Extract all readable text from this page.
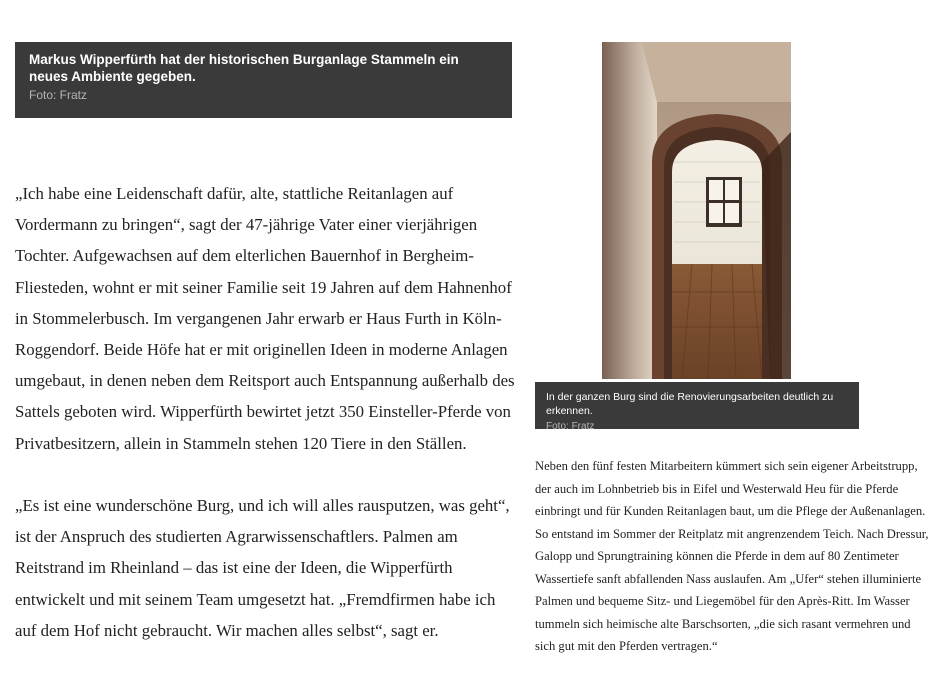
Markus Wipperfürth hat der historischen Burganlage Stammeln ein neues Ambiente gegeben.
Foto: Fratz

„Ich habe eine Leidenschaft dafür, alte, stattliche Reitanlagen auf Vordermann zu bringen“, sagt der 47-jährige Vater einer vierjährigen Tochter. Aufgewachsen auf dem elterlichen Bauernhof in Bergheim-Fliesteden, wohnt er mit seiner Familie seit 19 Jahren auf dem Hahnenhof in Stommelerbusch. Im vergangenen Jahr erwarb er Haus Furth in Köln-Roggendorf. Beide Höfe hat er mit originellen Ideen in moderne Anlagen umgebaut, in denen neben dem Reitsport auch Entspannung außerhalb des Sattels geboten wird. Wipperfürth bewirtet jetzt 350 Einsteller-Pferde von Privatbesitzern, allein in Stammeln stehen 120 Tiere in den Ställen.

„Es ist eine wunderschöne Burg, und ich will alles rausputzen, was geht“, ist der Anspruch des studierten Agrarwissenschaftlers. Palmen am Reitstrand im Rheinland – das ist eine der Ideen, die Wipperfürth entwickelt und mit seinem Team umgesetzt hat. „Fremdfirmen habe ich auf dem Hof nicht gebraucht. Wir machen alles selbst“, sagt er.

In der ganzen Burg sind die Renovierungsarbeiten deutlich zu erkennen.
Foto: Fratz

Neben den fünf festen Mitarbeitern kümmert sich sein eigener Arbeitstrupp, der auch im Lohnbetrieb bis in Eifel und Westerwald Heu für die Pferde einbringt und für Kunden Reitanlagen baut, um die Pflege der Außenanlagen. So entstand im Sommer der Reitplatz mit angrenzendem Teich. Nach Dressur, Galopp und Sprungtraining können die Pferde in dem auf 80 Zentimeter Wassertiefe sanft abfallenden Nass auslaufen. Am „Ufer“ stehen illuminierte Palmen und bequeme Sitz- und Liegemöbel für den Après-Ritt. Im Wasser tummeln sich heimische alte Barschsorten, „die sich rasant vermehren und sich gut mit den Pferden vertragen.“
